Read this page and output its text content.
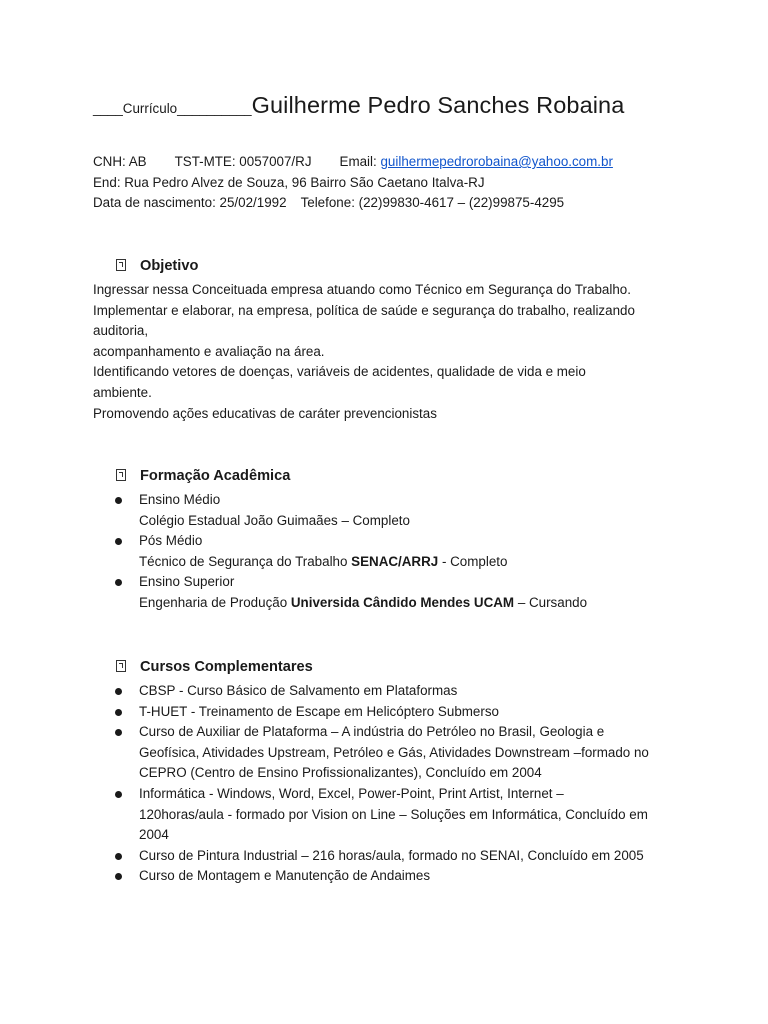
____Currículo__________Guilherme Pedro Sanches Robaina
CNH: AB TST-MTE: 0057007/RJ Email: guilhermepedrorobaina@yahoo.com.br
End: Rua Pedro Alvez de Souza, 96 Bairro São Caetano Italva-RJ
Data de nascimento: 25/02/1992 Telefone: (22)99830-4617 – (22)99875-4295
Objetivo
Ingressar nessa Conceituada empresa atuando como Técnico em Segurança do Trabalho.
Implementar e elaborar, na empresa, política de saúde e segurança do trabalho, realizando
auditoria,
acompanhamento e avaliação na área.
Identificando vetores de doenças, variáveis de acidentes, qualidade de vida e meio
ambiente.
Promovendo ações educativas de caráter prevencionistas
Formação Acadêmica
Ensino Médio
Colégio Estadual João Guimaães – Completo
Pós Médio
Técnico de Segurança do Trabalho SENAC/ARRJ - Completo
Ensino Superior
Engenharia de Produção Universida Cândido Mendes UCAM – Cursando
Cursos Complementares
CBSP - Curso Básico de Salvamento em Plataformas
T-HUET - Treinamento de Escape em Helicóptero Submerso
Curso de Auxiliar de Plataforma – A indústria do Petróleo no Brasil, Geologia e
Geofísica, Atividades Upstream, Petróleo e Gás, Atividades Downstream –formado no
CEPRO (Centro de Ensino Profissionalizantes), Concluído em 2004
Informática - Windows, Word, Excel, Power-Point, Print Artist, Internet –
120horas/aula - formado por Vision on Line – Soluções em Informática, Concluído em
2004
Curso de Pintura Industrial – 216 horas/aula, formado no SENAI, Concluído em 2005
Curso de Montagem e Manutenção de Andaimes
